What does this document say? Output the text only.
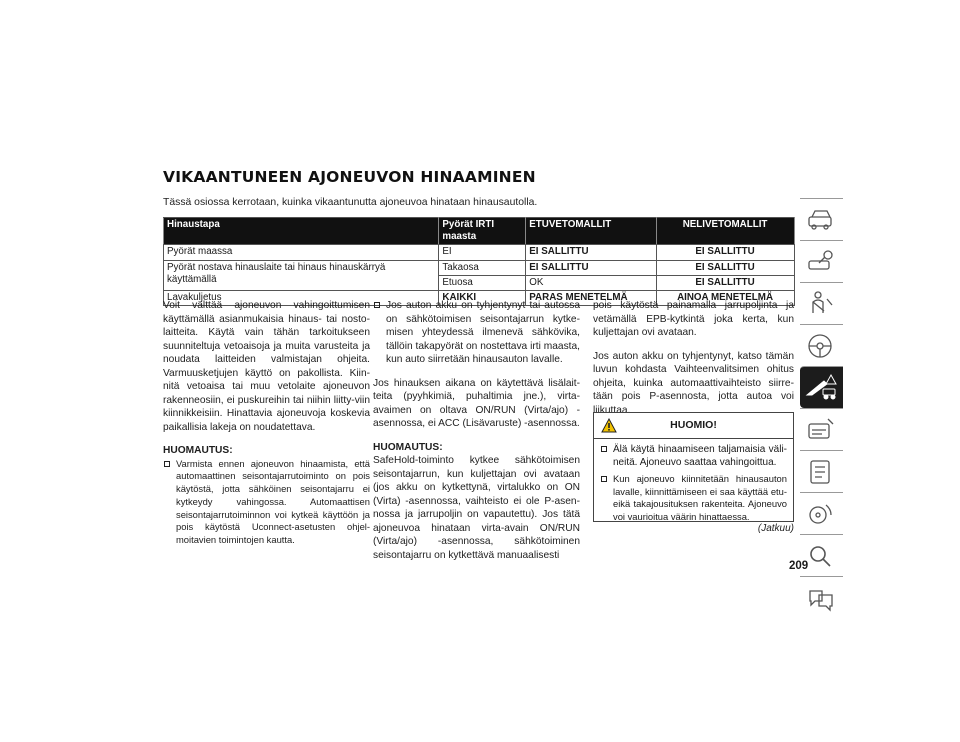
VIKAANTUNEEN AJONEUVON HINAAMINEN
Tässä osiossa kerrotaan, kuinka vikaantunutta ajoneuvoa hinataan hinausautolla.
Hinaustapa	Pyörät IRTI maasta	ETUVETOMALLIT	NELIVETOMALLIT
Pyörät maassa	EI	EI SALLITTU	EI SALLITTU
Pyörät nostava hinauslaite tai hinaus hinauskärryä käyttämällä	Takaosa	EI SALLITTU	EI SALLITTU
	Etuosa	OK	EI SALLITTU
Lavakuljetus	KAIKKI	PARAS MENETELMÄ	AINOA MENETELMÄ

Voit välttää ajoneuvon vahingoittumisen käyttämällä asianmukaisia hinaus- tai nosto-laitteita. Käytä vain tähän tarkoitukseen suunniteltuja vetoaisoja ja muita varusteita ja noudata laitteiden valmistajan ohjeita. Varmuusketjujen käyttö on pakollista. Kiin-nitä vetoaisa tai muu vetolaite ajoneuvon rakenneosiin, ei puskureihin tai niihin liitty-viin kiinnikkeisiin. Hinattavia ajoneuvoja koskevia paikallisia lakeja on noudatettava.

HUOMAUTUS:

Varmista ennen ajoneuvon hinaamista, että automaattinen seisontajarrutoiminto on pois käytöstä, jotta sähköinen seisontajarru ei kytkeydy vahingossa. Automaattisen seisontajarrutoiminnon voi kytkeä käyttöön ja pois käytöstä Uconnect-asetusten ohjel-moitavien toimintojen kautta.
Jos auton akku on tyhjentynyt tai autossa on sähkötoimisen seisontajarrun kytke-misen yhteydessä ilmenevä sähkövika, tällöin takapyörät on nostettava irti maasta, kun auto siirretään hinausauton lavalle.

Jos hinauksen aikana on käytettävä lisälait-teita (pyyhkimiä, puhaltimia jne.), virta-avaimen on oltava ON/RUN (Virta/ajo) -asennossa, ei ACC (Lisävaruste) -asennossa.

HUOMAUTUS:

SafeHold-toiminto kytkee sähkötoimisen seisontajarrun, kun kuljettajan ovi avataan (jos akku on kytkettynä, virtalukko on ON (Virta) -asennossa, vaihteisto ei ole P-asen-nossa ja jarrupoljin on vapautettu). Jos tätä ajoneuvoa hinataan virta-avain ON/RUN (Virta/ajo) -asennossa, sähkötoiminen seisontajarru on kytkettävä manuaalisesti

pois käytöstä painamalla jarrupoljinta ja vetämällä EPB-kytkintä joka kerta, kun kuljettajan ovi avataan.

Jos auton akku on tyhjentynyt, katso tämän luvun kohdasta Vaihteenvalitsimen ohitus ohjeita, kuinka automaattivaihteisto siirre-tään pois P-asennosta, jotta autoa voi liikuttaa.

HUOMIO!
Älä käytä hinaamiseen taljamaisia väli-neitä. Ajoneuvo saattaa vahingoittua.
Kun ajoneuvo kiinnitetään hinausauton lavalle, kiinnittämiseen ei saa käyttää etu-eikä takajousituksen rakenteita. Ajoneuvo voi vaurioitua väärin hinattaessa.
(Jatkuu)
209
